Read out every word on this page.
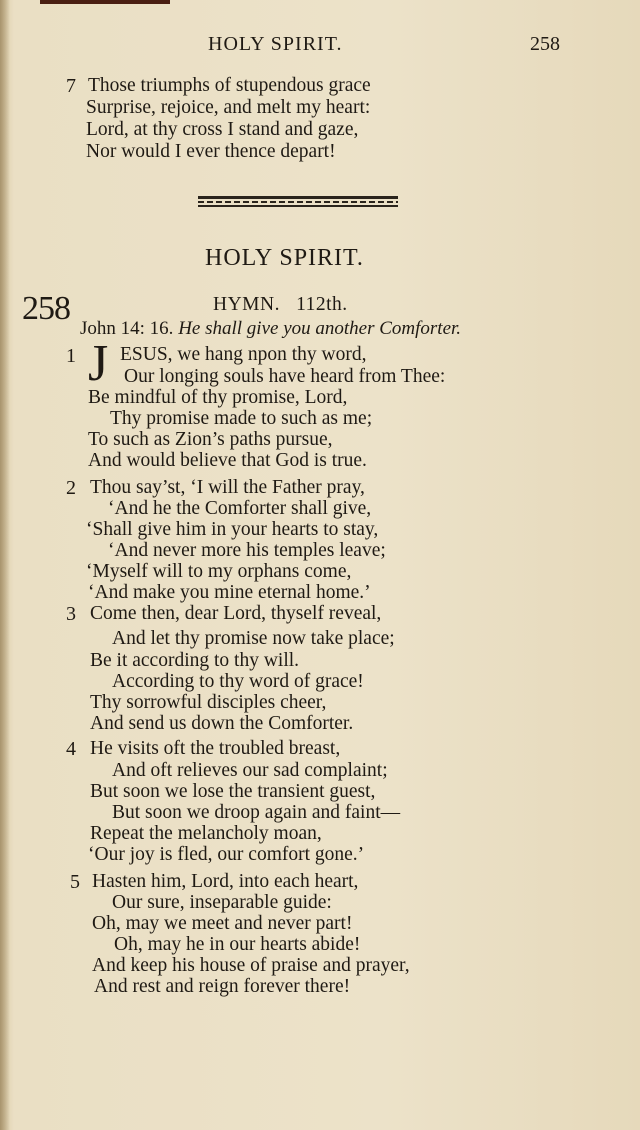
HOLY SPIRIT.	258
7 Those triumphs of stupendous grace
Surprise, rejoice, and melt my heart:
Lord, at thy cross I stand and gaze,
Nor would I ever thence depart!
HOLY SPIRIT.
258	HYMN.   112th.
John 14: 16. He shall give you another Comforter.
1 J ESUS, we hang npon thy word,
Our longing souls have heard from Thee:
Be mindful of thy promise, Lord,
Thy promise made to such as me;
To such as Zion’s paths pursue,
And would believe that God is true.
2 Thou say’st, ‘I will the Father pray,
‘And he the Comforter shall give,
‘Shall give him in your hearts to stay,
‘And never more his temples leave;
‘Myself will to my orphans come,
‘And make you mine eternal home.’
3 Come then, dear Lord, thyself reveal,
And let thy promise now take place;
Be it according to thy will.
According to thy word of grace!
Thy sorrowful disciples cheer,
And send us down the Comforter.
4 He visits oft the troubled breast,
And oft relieves our sad complaint;
But soon we lose the transient guest,
But soon we droop again and faint—
Repeat the melancholy moan,
‘Our joy is fled, our comfort gone.’
5 Hasten him, Lord, into each heart,
Our sure, inseparable guide:
Oh, may we meet and never part!
Oh, may he in our hearts abide!
And keep his house of praise and prayer,
And rest and reign forever there!
